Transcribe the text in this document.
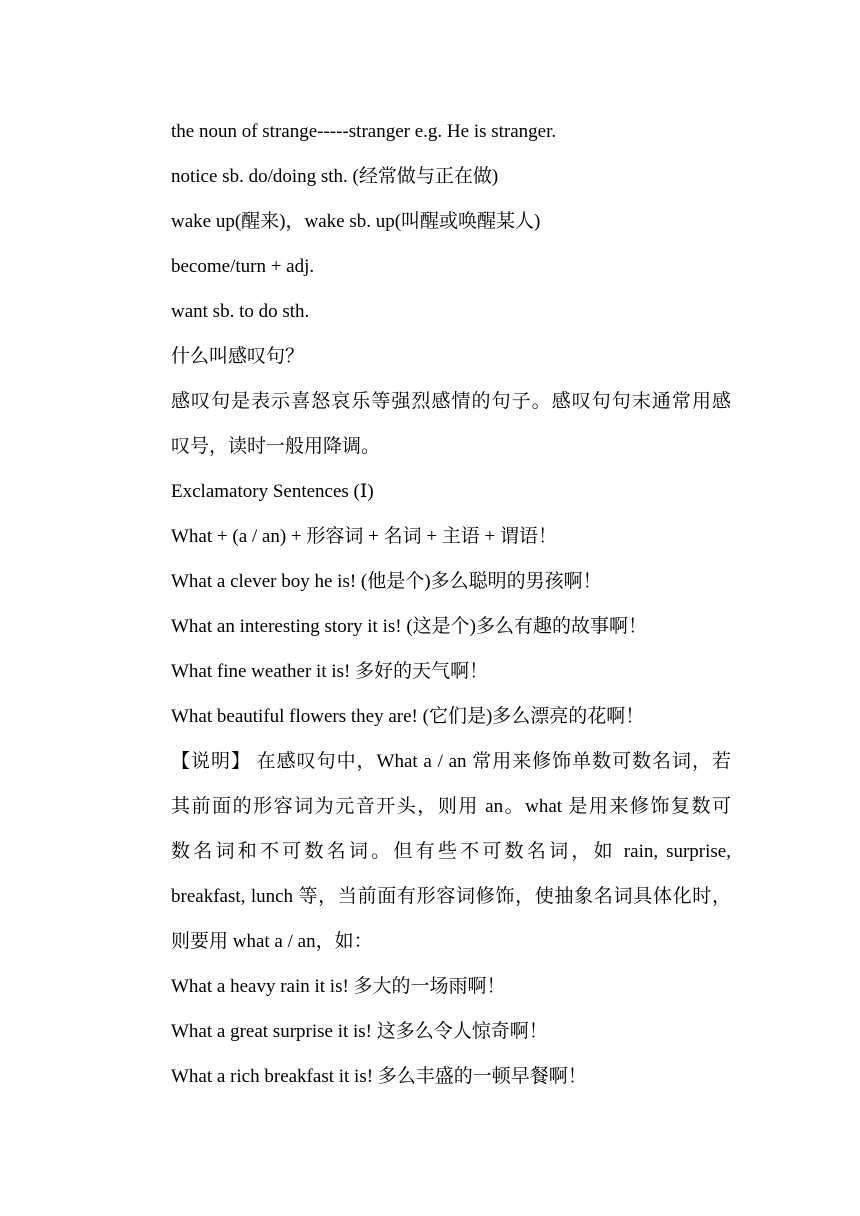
the noun of strange-----stranger e.g. He is stranger.
notice sb. do/doing sth. (经常做与正在做)
wake up(醒来)，wake sb. up(叫醒或唤醒某人)
become/turn + adj.
want sb. to do sth.
什么叫感叹句？
感叹句是表示喜怒哀乐等强烈感情的句子。感叹句句末通常用感
叹号，读时一般用降调。
Exclamatory Sentences (Ⅰ)
What + (a / an) + 形容词 + 名词 + 主语 + 谓语！
What a clever boy he is! (他是个)多么聪明的男孩啊！
What an interesting story it is! (这是个)多么有趣的故事啊！
What fine weather it is! 多好的天气啊！
What beautiful flowers they are! (它们是)多么漂亮的花啊！
【说明】 在感叹句中，What a / an 常用来修饰单数可数名词，若
其前面的形容词为元音开头，则用 an。what 是用来修饰复数可
数名词和不可数名词。但有些不可数名词，如 rain, surprise,
breakfast, lunch 等，当前面有形容词修饰，使抽象名词具体化时，
则要用 what a / an，如：
What a heavy rain it is! 多大的一场雨啊！
What a great surprise it is! 这多么令人惊奇啊！
What a rich breakfast it is! 多么丰盛的一顿早餐啊！
